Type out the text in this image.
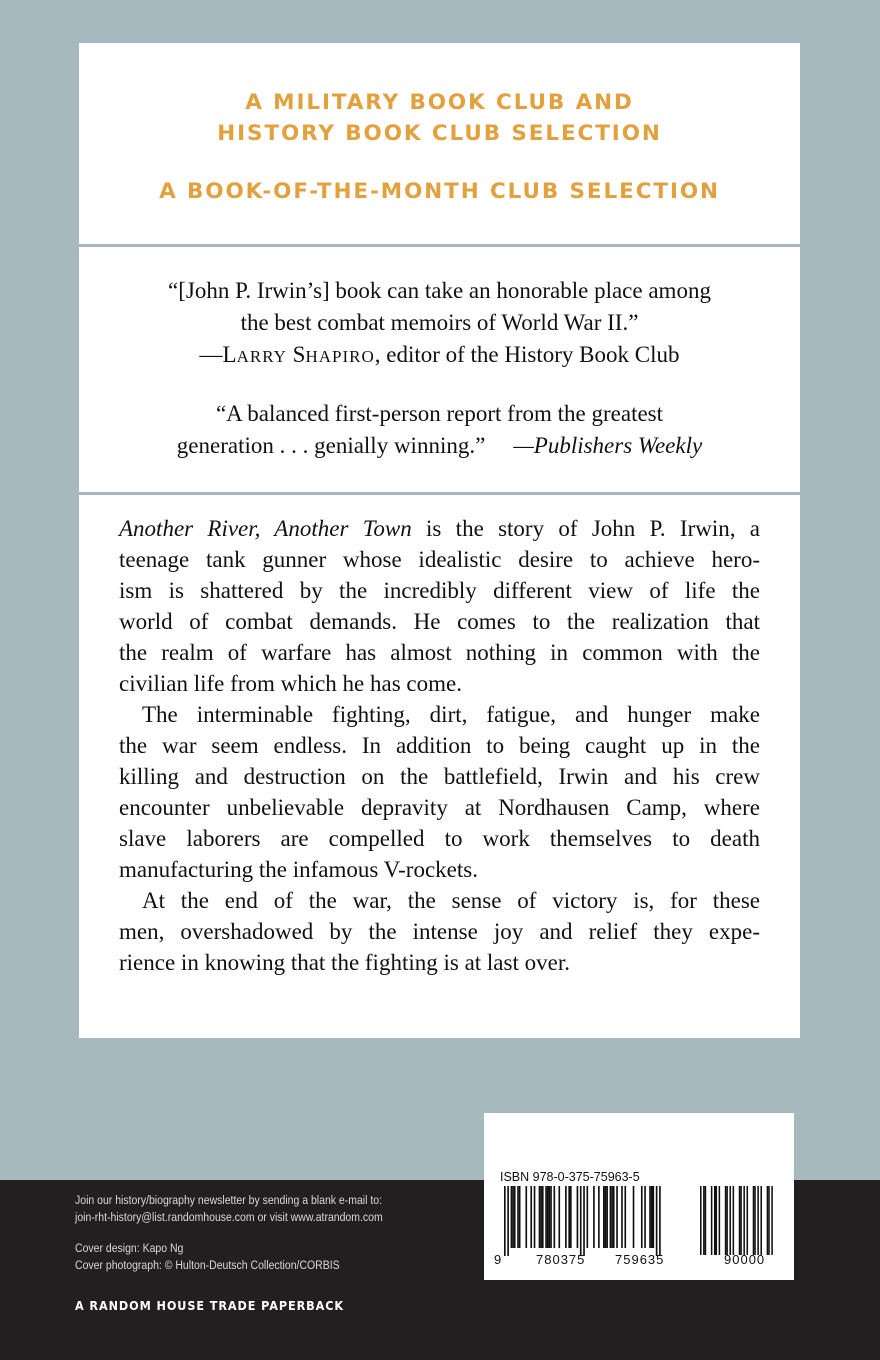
A MILITARY BOOK CLUB AND
HISTORY BOOK CLUB SELECTION
A BOOK-OF-THE-MONTH CLUB SELECTION
“[John P. Irwin’s] book can take an honorable place among
the best combat memoirs of World War II.”
—LARRY SHAPIRO, editor of the History Book Club
“A balanced first-person report from the greatest
generation . . . genially winning.” —Publishers Weekly
Another River, Another Town is the story of John P. Irwin, a
teenage tank gunner whose idealistic desire to achieve hero-
ism is shattered by the incredibly different view of life the
world of combat demands. He comes to the realization that
the realm of warfare has almost nothing in common with the
civilian life from which he has come.
The interminable fighting, dirt, fatigue, and hunger make
the war seem endless. In addition to being caught up in the
killing and destruction on the battlefield, Irwin and his crew
encounter unbelievable depravity at Nordhausen Camp, where
slave laborers are compelled to work themselves to death
manufacturing the infamous V-rockets.
At the end of the war, the sense of victory is, for these
men, overshadowed by the intense joy and relief they expe-
rience in knowing that the fighting is at last over.
Join our history/biography newsletter by sending a blank e-mail to:
join-rht-history@list.randomhouse.com or visit www.atrandom.com
Cover design: Kapo Ng
Cover photograph: © Hulton-Deutsch Collection/CORBIS
A RANDOM HOUSE TRADE PAPERBACK
ISBN 978-0-375-75963-5
9	780375 759635	90000
